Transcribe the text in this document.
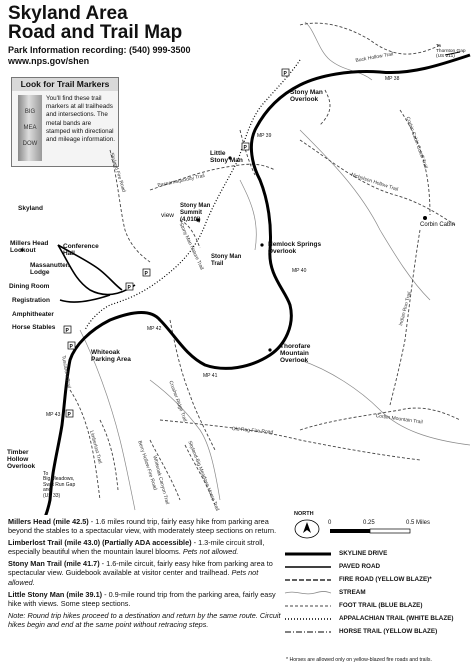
Skyland Area
Road and Trail Map
Park Information recording: (540) 999-3500
www.nps.gov/shen
Look for Trail Markers
BIG
MEA
DOW
You'll find these trail markers at all trailheads and intersections. The metal bands are stamped with directional and mileage information.
P
P
P
P
P
P
P
Skyland
Millers Head
Lookout
Conference
Hall
Massanutten
Lodge
Dining Room
Registration
Amphitheater
Horse Stables
Whiteoak
Parking Area
Timber
Hollow
Overlook
Stony Man
Overlook
Little
Stony Man
Stony Man
Summit
(4,010')
view
Stony Man
Trail
Hemlock Springs
Overlook
Thorofare
Mountain
Overlook
Corbin Cabin
To
Thornton Gap
(US 211)
To
Big Meadows,
Swift Run Gap
and
(US 33)
MP 38
MP 39
MP 40
MP 41
MP 42
MP 43
Passamaquoddy Trail
Skyland Fire Road	Nicholson Hollow Trail
Corbin Cabin Cutoff Trail
Indian Run Trail
Old Rag Fire Road
Corbin Mountain Trail
Crusher Ridge Trail
Limberlost Trail
Whiteoak Canyon Trail	Skyland-Big Meadows Horse Trail
Tuscarora Trail
Berry Hollow Fire Road
Stony Man Nature Trail
Buck Hollow Trail

Millers Head (mile 42.5) - 1.6 miles round trip, fairly easy hike from parking area beyond the stables to a spectacular view, with moderately steep sections on return.

Limberlost Trail (mile 43.0) (Partially ADA accessible) - 1.3-mile circuit stroll, especially beautiful when the mountain laurel blooms. Pets not allowed.

Stony Man Trail (mile 41.7) - 1.6-mile circuit, fairly easy hike from parking area to spectacular view. Guidebook available at visitor center and trailhead. Pets not allowed.

Little Stony Man (mile 39.1) - 0.9-mile round trip from the parking area, fairly easy hike with views. Some steep sections.

Note: Round trip hikes proceed to a destination and return by the same route. Circuit hikes begin and end at the same point without retracing steps.

NORTH
0	0.25	0.5 Miles
SKYLINE DRIVE
PAVED ROAD
FIRE ROAD (YELLOW BLAZE)*
STREAM
FOOT TRAIL (BLUE BLAZE)
APPALACHIAN TRAIL (WHITE BLAZE)
HORSE TRAIL (YELLOW BLAZE)
* Horses are allowed only on yellow-blazed fire roads and trails.
